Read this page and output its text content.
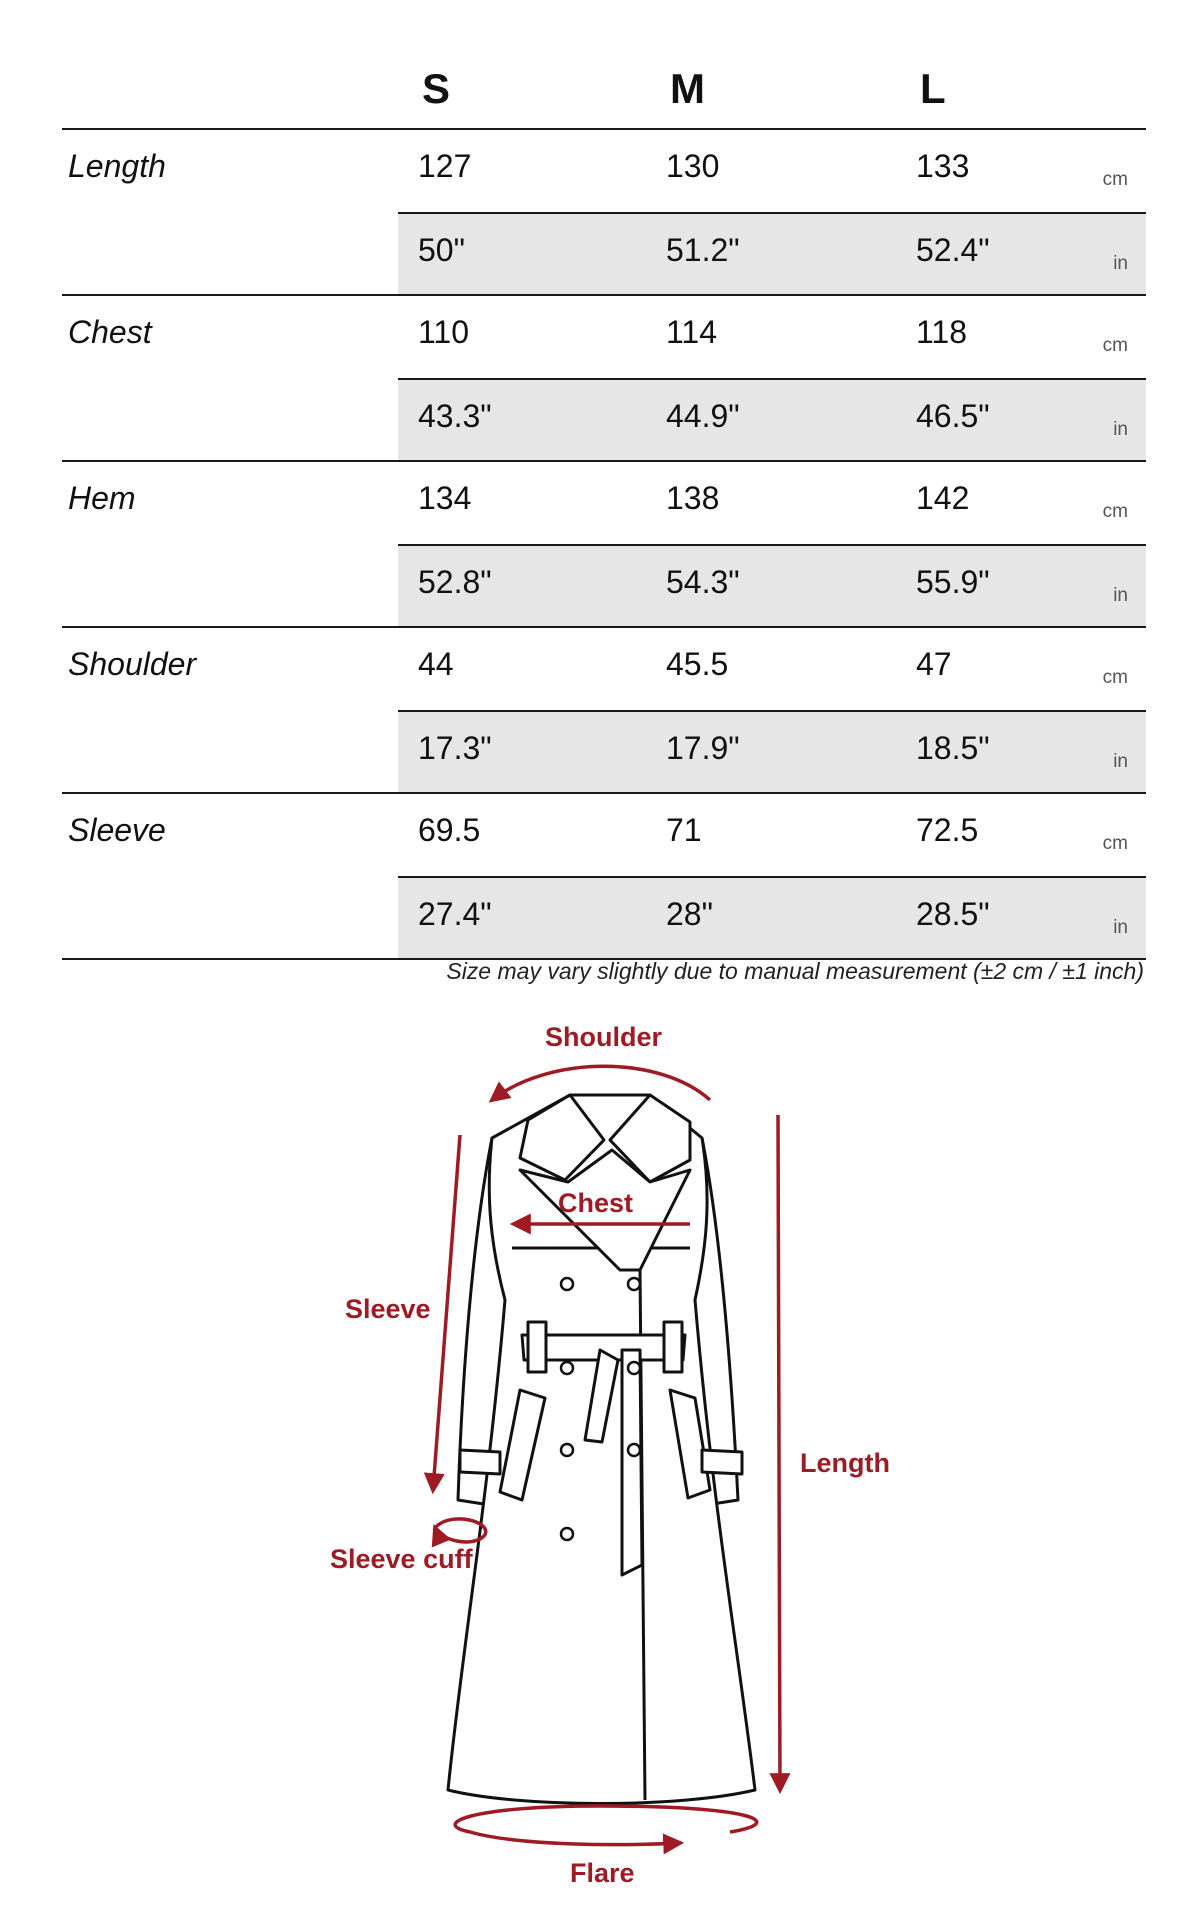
S	M	L
Length	127	130	133	cm
50"	51.2"	52.4"	in
Chest	110	114	118	cm
43.3"	44.9"	46.5"	in
Hem	134	138	142	cm
52.8"	54.3"	55.9"	in
Shoulder	44	45.5	47	cm
17.3"	17.9"	18.5"	in
Sleeve	69.5	71	72.5	cm
27.4"	28"	28.5"	in
Size may vary slightly due to manual measurement (±2 cm / ±1 inch)
Shoulder
Chest
Sleeve
Sleeve cuff
Length
Flare
